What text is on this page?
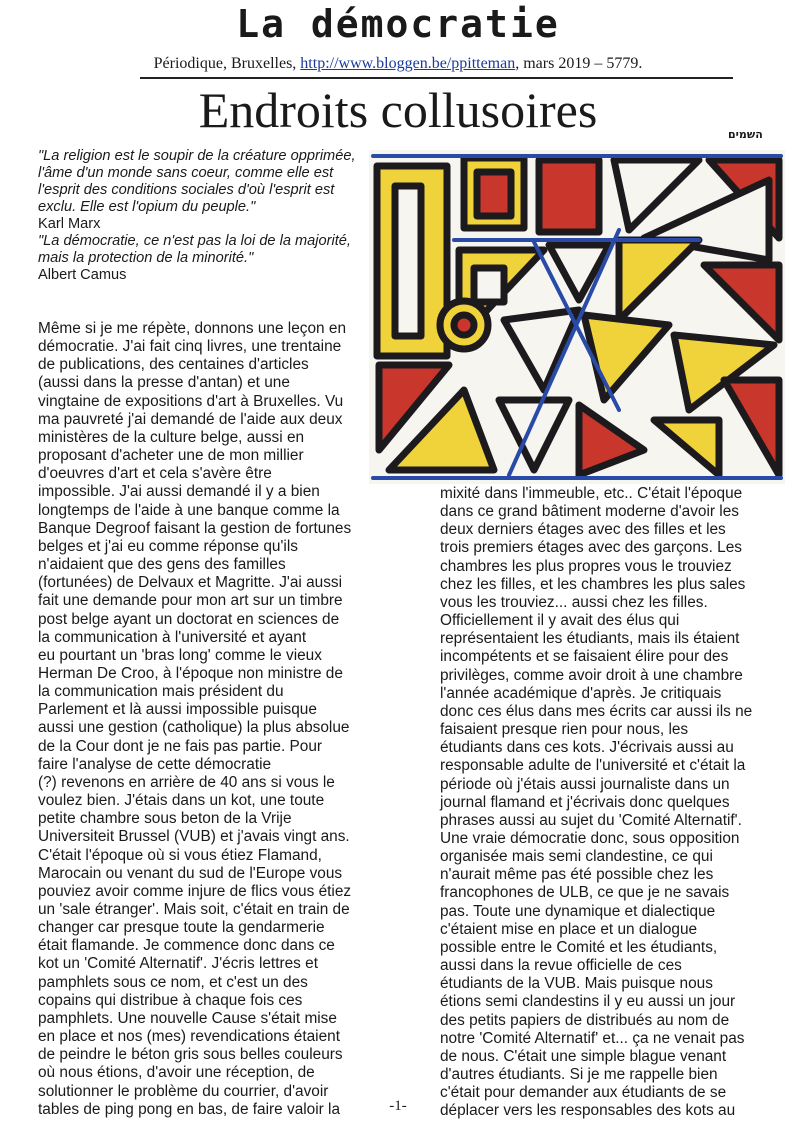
La démocratie
Périodique, Bruxelles, http://www.bloggen.be/ppitteman, mars 2019 – 5779.
Endroits collusoires	השמים

"La religion est le soupir de la créature opprimée, l'âme d'un monde sans coeur, comme elle est l'esprit des conditions sociales d'où l'esprit est exclu. Elle est l'opium du peuple."

Karl Marx

"La démocratie, ce n'est pas la loi de la majorité, mais la protection de la minorité."

Albert Camus

Même si je me répète, donnons une leçon en
démocratie. J'ai fait cinq livres, une trentaine
de publications, des centaines d'articles
(aussi dans la presse d'antan) et une
vingtaine de expositions d'art à Bruxelles. Vu
ma pauvreté j'ai demandé de l'aide aux deux
ministères de la culture belge, aussi en
proposant d'acheter une de mon millier
d'oeuvres d'art et cela s'avère être
impossible. J'ai aussi demandé il y a bien
longtemps de l'aide à une banque comme la
Banque Degroof faisant la gestion de fortunes
belges et j'ai eu comme réponse qu'ils
n'aidaient que des gens des familles
(fortunées) de Delvaux et Magritte. J'ai aussi
fait une demande pour mon art sur un timbre
post belge ayant un doctorat en sciences de
la communication à l'université et ayant
eu pourtant un 'bras long' comme le vieux
Herman De Croo, à l'époque non ministre de
la communication mais président du
Parlement et là aussi impossible puisque
aussi une gestion (catholique) la plus absolue
de la Cour dont je ne fais pas partie. Pour
faire l'analyse de cette démocratie
(?) revenons en arrière de 40 ans si vous le
voulez bien. J'étais dans un kot, une toute
petite chambre sous beton de la Vrije
Universiteit Brussel (VUB) et j'avais vingt ans.
C'était l'époque où si vous étiez Flamand,
Marocain ou venant du sud de l'Europe vous
pouviez avoir comme injure de flics vous étiez
un 'sale étranger'. Mais soit, c'était en train de
changer car presque toute la gendarmerie
était flamande. Je commence donc dans ce
kot un 'Comité Alternatif'. J'écris lettres et
pamphlets sous ce nom, et c'est un des
copains qui distribue à chaque fois ces
pamphlets. Une nouvelle Cause s'était mise
en place et nos (mes) revendications étaient
de peindre le béton gris sous belles couleurs
où nous étions, d'avoir une réception, de
solutionner le problème du courrier, d'avoir
tables de ping pong en bas, de faire valoir la
mixité dans l'immeuble, etc.. C'était l'époque
dans ce grand bâtiment moderne d'avoir les
deux derniers étages avec des filles et les
trois premiers étages avec des garçons. Les
chambres les plus propres vous le trouviez
chez les filles, et les chambres les plus sales
vous les trouviez... aussi chez les filles.
Officiellement il y avait des élus qui
représentaient les étudiants, mais ils étaient
incompétents et se faisaient élire pour des
privilèges, comme avoir droit à une chambre
l'année académique d'après. Je critiquais
donc ces élus dans mes écrits car aussi ils ne
faisaient presque rien pour nous, les
étudiants dans ces kots. J'écrivais aussi au
responsable adulte de l'université et c'était la
période où j'étais aussi journaliste dans un
journal flamand et j'écrivais donc quelques
phrases aussi au sujet du 'Comité Alternatif'.
Une vraie démocratie donc, sous opposition
organisée mais semi clandestine, ce qui
n'aurait même pas été possible chez les
francophones de ULB, ce que je ne savais
pas. Toute une dynamique et dialectique
c'étaient mise en place et un dialogue
possible entre le Comité et les étudiants,
aussi dans la revue officielle de ces
étudiants de la VUB. Mais puisque nous
étions semi clandestins il y eu aussi un jour
des petits papiers de distribués au nom de
notre 'Comité Alternatif' et... ça ne venait pas
de nous. C'était une simple blague venant
d'autres étudiants. Si je me rappelle bien
c'était pour demander aux étudiants de se
déplacer vers les responsables des kots au
-1-
